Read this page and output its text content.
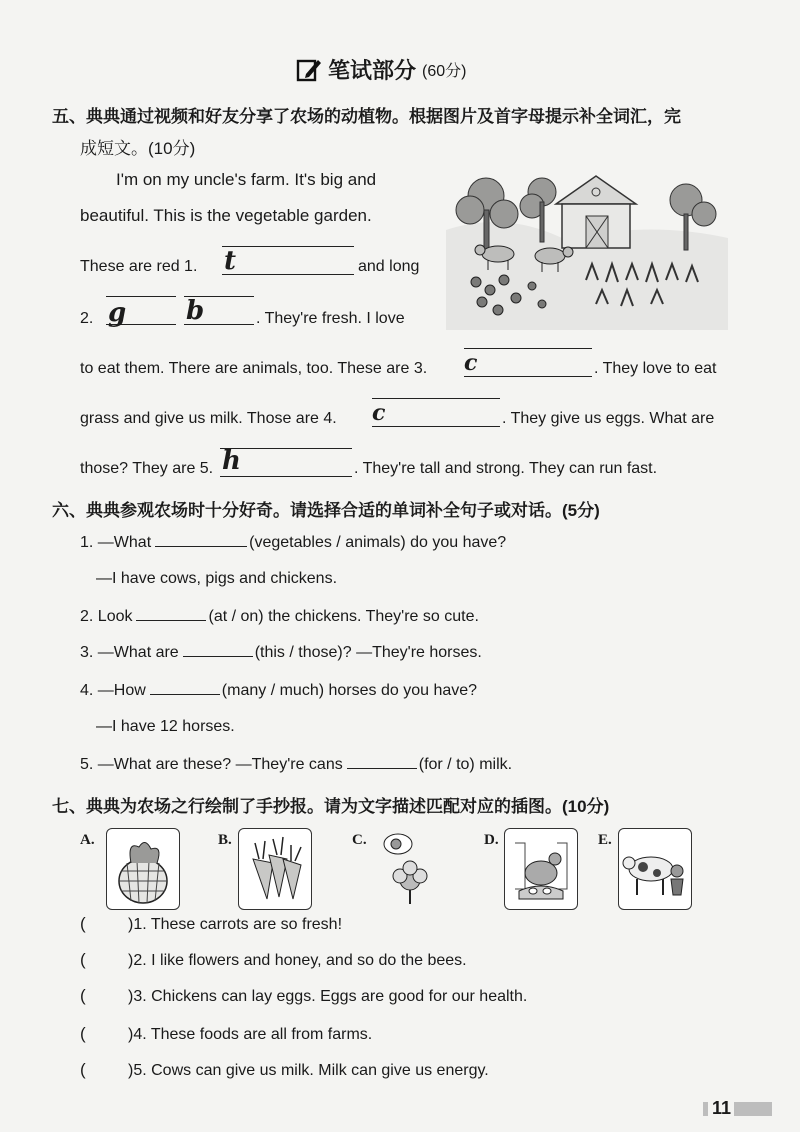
笔试部分 (60分)
五、典典通过视频和好友分享了农场的动植物。根据图片及首字母提示补全词汇，完
成短文。(10分)
I'm on my uncle's farm. It's big and
beautiful. This is the vegetable garden.
These are red 1. t	and long
2. g b	. They're fresh. I love
to eat them. There are animals, too. These are 3. c	. They love to eat
grass and give us milk. Those are 4. c	. They give us eggs. What are
those? They are 5. h	. They're tall and strong. They can run fast.
六、典典参观农场时十分好奇。请选择合适的单词补全句子或对话。(5分)
1. —What	(vegetables / animals) do you have?
—I have cows, pigs and chickens.
2. Look	(at / on) the chickens. They're so cute.
3. —What are	(this / those)? —They're horses.
4. —How	(many / much) horses do you have?
—I have 12 horses.
5. —What are these? —They're cans	(for / to) milk.
七、典典为农场之行绘制了手抄报。请为文字描述匹配对应的插图。(10分)
A.	B.	C.	D.	E.
(	)1. These carrots are so fresh!
(	)2. I like flowers and honey, and so do the bees.
(	)3. Chickens can lay eggs. Eggs are good for our health.
(	)4. These foods are all from farms.
(	)5. Cows can give us milk. Milk can give us energy.
11
